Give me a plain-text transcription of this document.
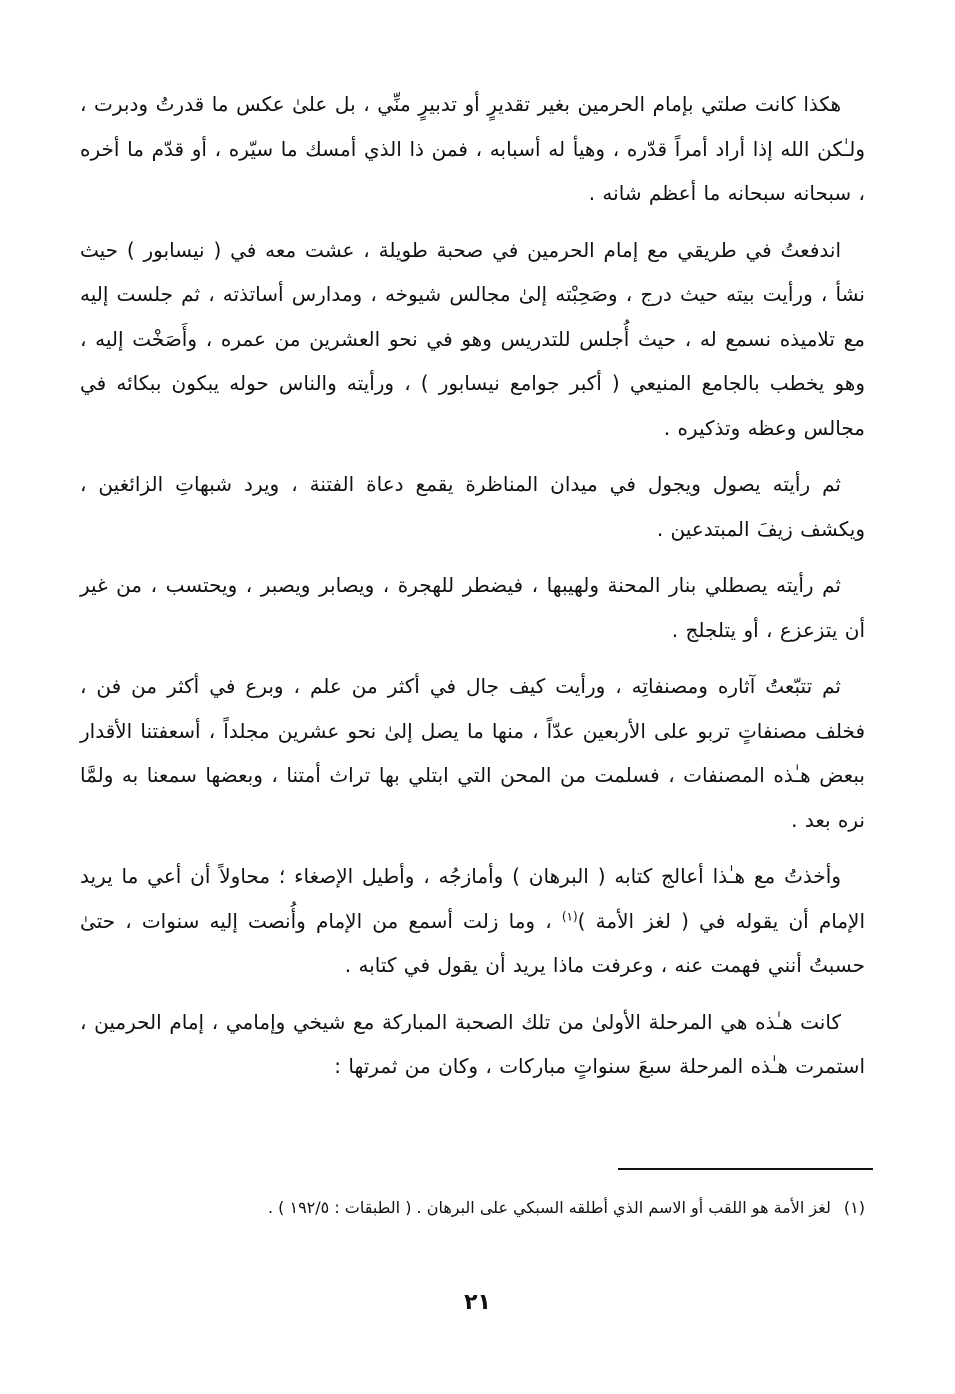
هكذا كانت صلتي بإمام الحرمين بغير تقديرٍ أو تدبيرٍ منِّي ، بل علىٰ عكس ما قدرتُ ودبرت ، ولـٰكن الله إذا أراد أمراً قدّره ، وهيأ له أسبابه ، فمن ذا الذي أمسك ما سيّره ، أو قدّم ما أخره ، سبحانه سبحانه ما أعظم شانه .

اندفعتُ في طريقي مع إمام الحرمين في صحبة طويلة ، عشت معه في ( نيسابور ) حيث نشأ ، ورأيت بيته حيث درج ، وصَحِبْته إلىٰ مجالس شيوخه ، ومدارس أساتذته ، ثم جلست إليه مع تلاميذه نسمع له ، حيث أُجلس للتدريس وهو في نحو العشرين من عمره ، وأَصَخْت إليه ، وهو يخطب بالجامع المنيعي ( أكبر جوامع نيسابور ) ، ورأيته والناس حوله يبكون ببكائه في مجالس وعظه وتذكيره .

ثم رأيته يصول ويجول في ميدان المناظرة يقمع دعاة الفتنة ، ويرد شبهاتِ الزائغين ، ويكشف زيفَ المبتدعين .

ثم رأيته يصطلي بنار المحنة ولهيبها ، فيضطر للهجرة ، ويصابر ويصبر ، ويحتسب ، من غير أن يتزعزع ، أو يتلجلج .

ثم تتبّعتُ آثاره ومصنفاتِه ، ورأيت كيف جال في أكثر من علم ، وبرع في أكثر من فن ، فخلف مصنفاتٍ تربو على الأربعين عدّاً ، منها ما يصل إلىٰ نحو عشرين مجلداً ، أسعفتنا الأقدار ببعض هـٰذه المصنفات ، فسلمت من المحن التي ابتلي بها تراث أمتنا ، وبعضها سمعنا به ولمَّا نره بعد .

وأخذتُ مع هـٰذا أعالج كتابه ( البرهان ) وأمازجُه ، وأطيل الإصغاء ؛ محاولاً أن أعي ما يريد الإمام أن يقوله في ( لغز الأمة )$^{(١)}$ ، وما زلت أسمع من الإمام وأُنصت إليه سنوات ، حتىٰ حسبتُ أنني فهمت عنه ، وعرفت ماذا يريد أن يقول في كتابه .

كانت هـٰذه هي المرحلة الأولىٰ من تلك الصحبة المباركة مع شيخي وإمامي ، إمام الحرمين ، استمرت هـٰذه المرحلة سبعَ سنواتٍ مباركات ، وكان من ثمرتها :

(١) لغز الأمة هو اللقب أو الاسم الذي أطلقه السبكي على البرهان . ( الطبقات : ١٩٢/٥ ) .
٢١
